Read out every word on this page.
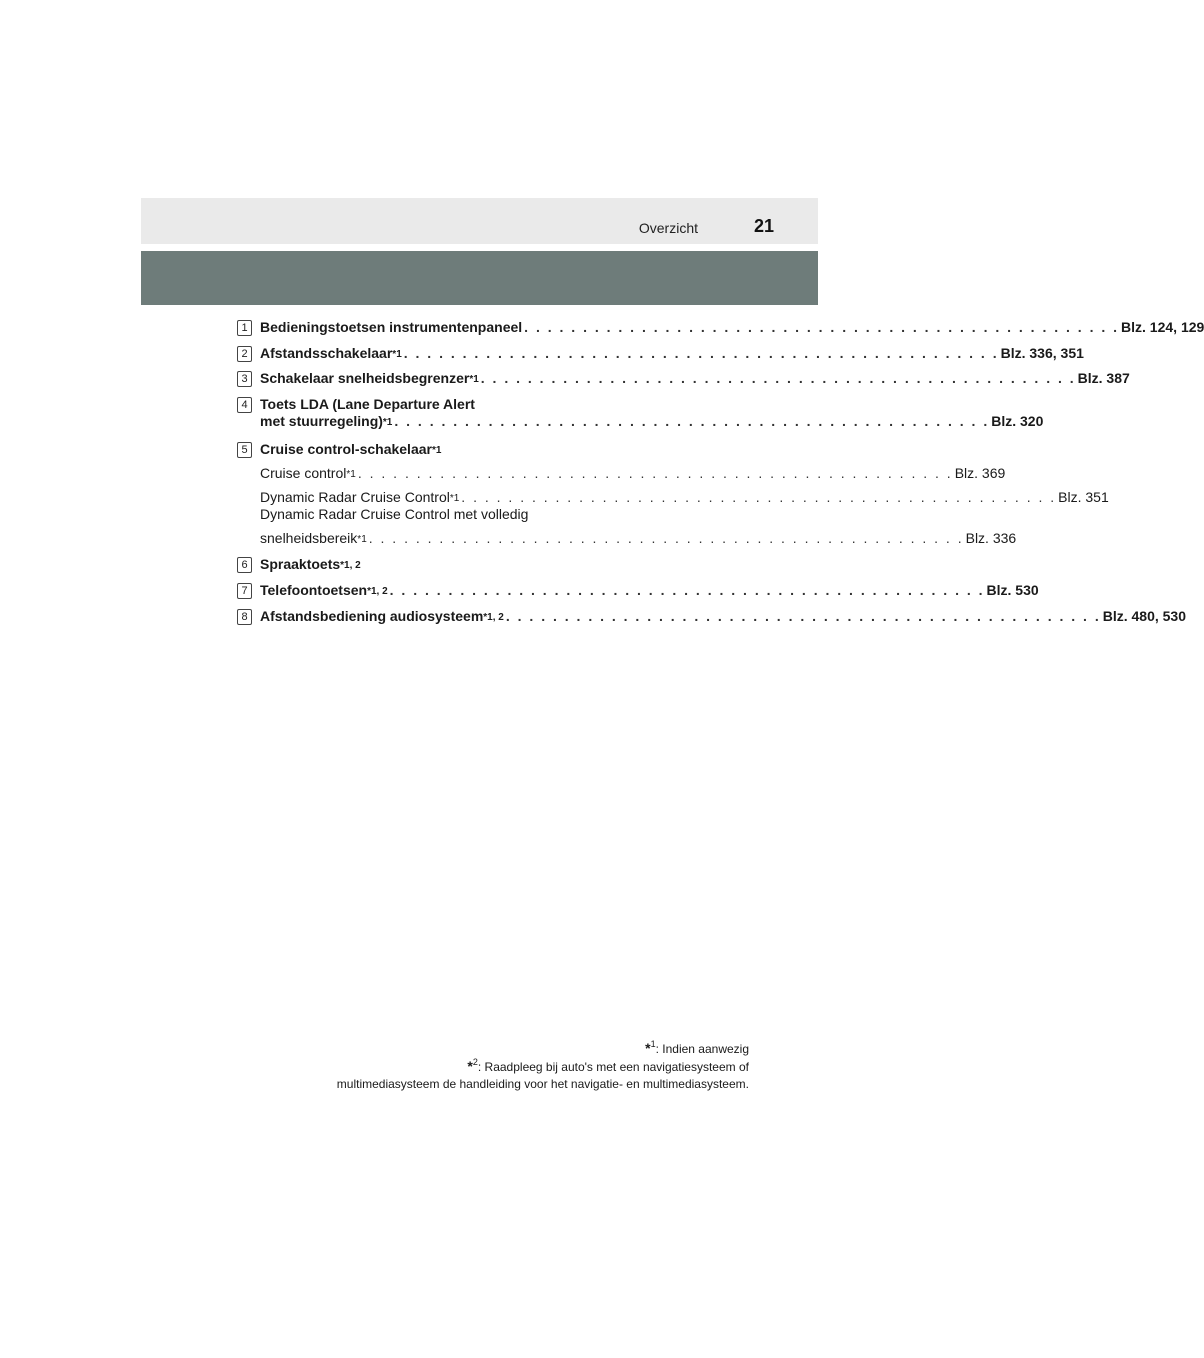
Overzicht	21
1 Bedieningstoetsen instrumentenpaneel . . . . . . . . . . . . . . . . . . . . . . . . . . . . . . . . . . . . . . . . . . . . . . . . . . . Blz. 124, 129
2 Afstandsschakelaar$^{*1}$ . . . . . . . . . . . . . . . . . . . . . . . . . . . . . . . . . . . . . . . . . . . . . . . . . . . Blz. 336, 351
3 Schakelaar snelheidsbegrenzer$^{*1}$ . . . . . . . . . . . . . . . . . . . . . . . . . . . . . . . . . . . . . . . . . . . . . . . . . . . Blz. 387
4 Toets LDA (Lane Departure Alert
met stuurregeling)$^{*1}$ . . . . . . . . . . . . . . . . . . . . . . . . . . . . . . . . . . . . . . . . . . . . . . . . . . . Blz. 320
5 Cruise control-schakelaar$^{*1}$
Cruise control$^{*1}$ . . . . . . . . . . . . . . . . . . . . . . . . . . . . . . . . . . . . . . . . . . . . . . . . . . . Blz. 369
Dynamic Radar Cruise Control$^{*1}$ . . . . . . . . . . . . . . . . . . . . . . . . . . . . . . . . . . . . . . . . . . . . . . . . . . . Blz. 351
Dynamic Radar Cruise Control met volledig
snelheidsbereik$^{*1}$ . . . . . . . . . . . . . . . . . . . . . . . . . . . . . . . . . . . . . . . . . . . . . . . . . . . Blz. 336
6 Spraaktoets$^{*1, 2}$
7 Telefoontoetsen$^{*1, 2}$ . . . . . . . . . . . . . . . . . . . . . . . . . . . . . . . . . . . . . . . . . . . . . . . . . . . Blz. 530
8 Afstandsbediening audiosysteem$^{*1, 2}$ . . . . . . . . . . . . . . . . . . . . . . . . . . . . . . . . . . . . . . . . . . . . . . . . . . . Blz. 480, 530
*$^1$: Indien aanwezig
*$^2$: Raadpleeg bij auto's met een navigatiesysteem of
multimediasysteem de handleiding voor het navigatie- en multimediasysteem.
